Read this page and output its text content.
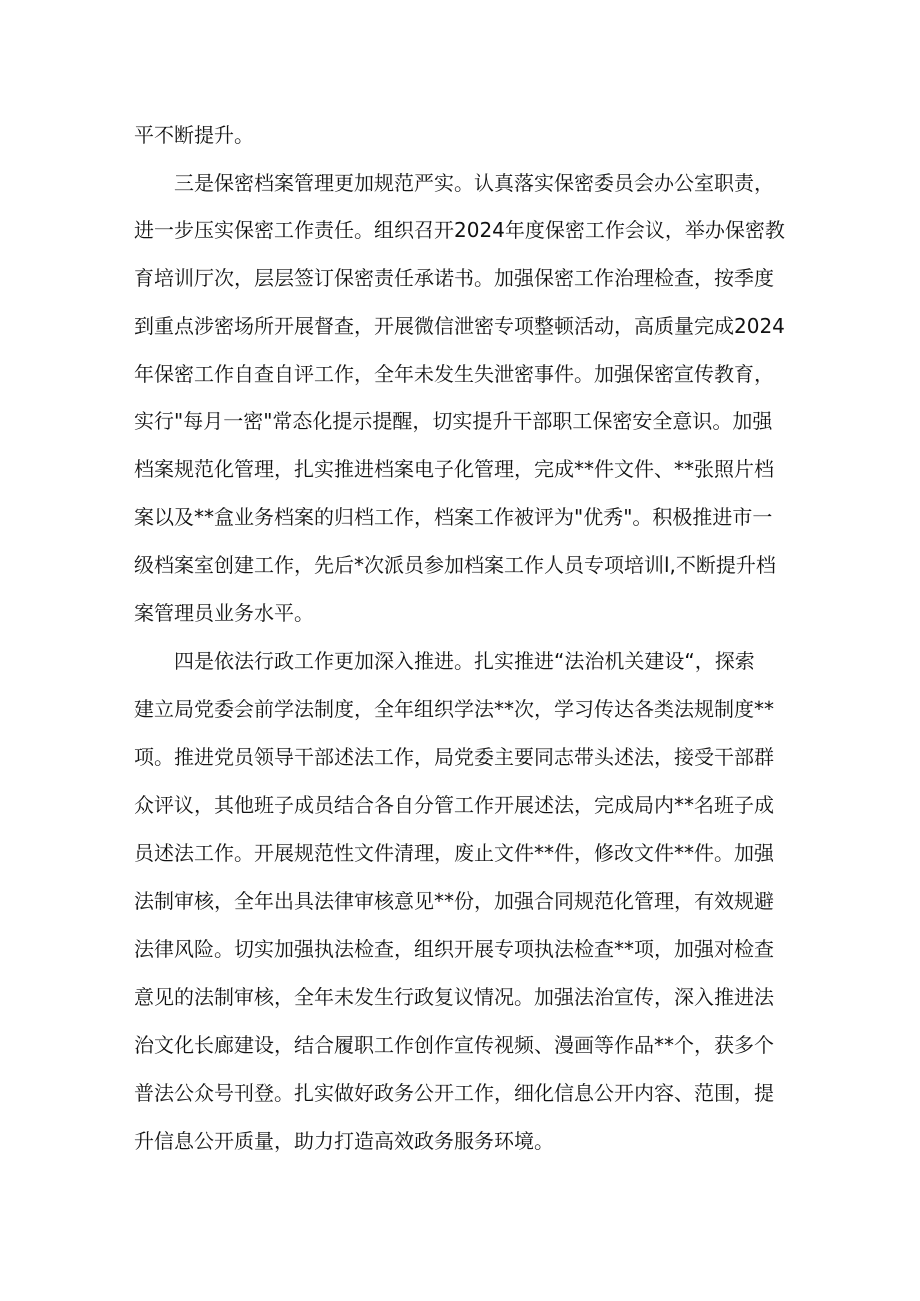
平不断提升。
三是保密档案管理更加规范严实。认真落实保密委员会办公室职责，
进一步压实保密工作责任。组织召开2024年度保密工作会议，举办保密教
育培训厅次，层层签订保密责任承诺书。加强保密工作治理检查，按季度
到重点涉密场所开展督查，开展微信泄密专项整顿活动，高质量完成2024
年保密工作自查自评工作，全年未发生失泄密事件。加强保密宣传教育，
实行"每月一密"常态化提示提醒，切实提升干部职工保密安全意识。加强
档案规范化管理，扎实推进档案电子化管理，完成**件文件、**张照片档
案以及**盒业务档案的归档工作，档案工作被评为"优秀"。积极推进市一
级档案室创建工作，先后*次派员参加档案工作人员专项培训l,不断提升档
案管理员业务水平。
四是依法行政工作更加深入推进。扎实推进“法治机关建设“，探索
建立局党委会前学法制度，全年组织学法**次，学习传达各类法规制度**
项。推进党员领导干部述法工作，局党委主要同志带头述法，接受干部群
众评议，其他班子成员结合各自分管工作开展述法，完成局内**名班子成
员述法工作。开展规范性文件清理，废止文件**件，修改文件**件。加强
法制审核，全年出具法律审核意见**份，加强合同规范化管理，有效规避
法律风险。切实加强执法检查，组织开展专项执法检查**项，加强对检查
意见的法制审核，全年未发生行政复议情况。加强法治宣传，深入推进法
治文化长廊建设，结合履职工作创作宣传视频、漫画等作品**个，获多个
普法公众号刊登。扎实做好政务公开工作，细化信息公开内容、范围，提
升信息公开质量，助力打造高效政务服务环境。
